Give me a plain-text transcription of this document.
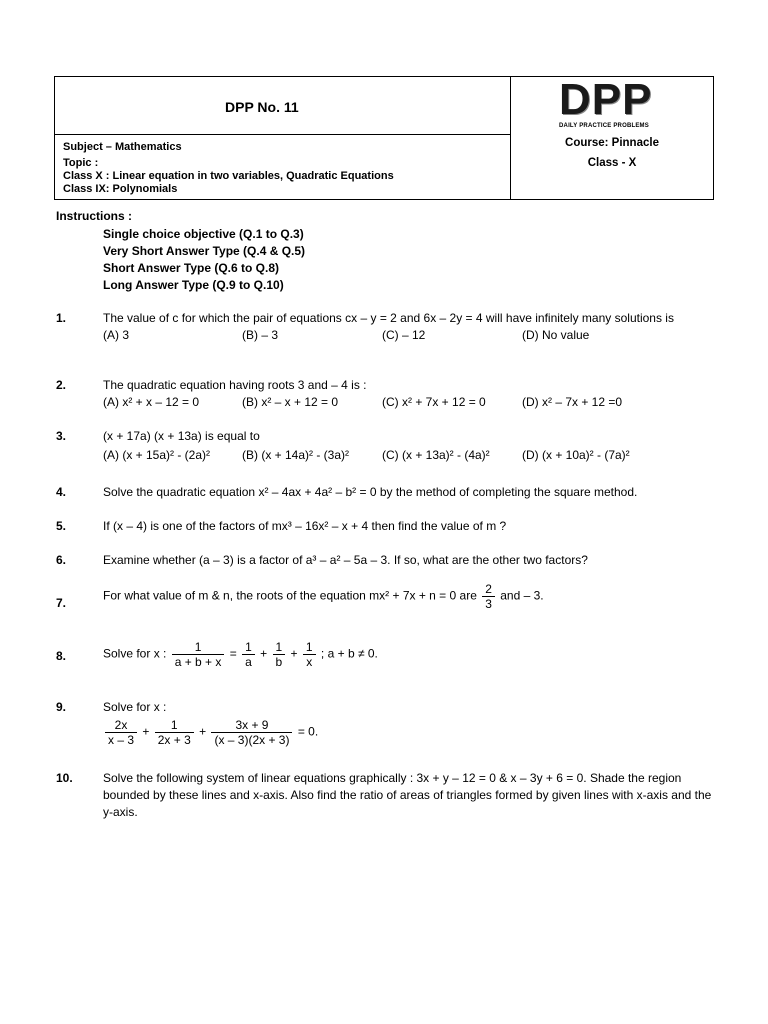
DPP No. 11
Subject – Mathematics
Topic :
Class X : Linear equation in two variables, Quadratic Equations
Class IX: Polynomials
DPP
DAILY PRACTICE PROBLEMS
Course: Pinnacle
Class - X
Instructions :
Single choice objective (Q.1 to Q.3)
Very Short Answer Type (Q.4 & Q.5)
Short Answer Type (Q.6 to Q.8)
Long Answer Type (Q.9 to Q.10)
1.	The value of c for which the pair of equations cx – y = 2 and 6x – 2y = 4 will have infinitely many solutions is
(A) 3	(B) – 3	(C) – 12	(D) No value
2.	The quadratic equation having roots 3 and – 4 is :
(A) x² + x – 12 = 0	(B) x² – x + 12 = 0	(C) x² + 7x + 12 = 0	(D) x² – 7x + 12 =0
3.	(x + 17a) (x + 13a) is equal to
(A) (x + 15a)² - (2a)²	(B) (x + 14a)² - (3a)²	(C) (x + 13a)² - (4a)²	(D) (x + 10a)² - (7a)²
4.	Solve the quadratic equation x² – 4ax + 4a² – b² = 0 by the method of completing the square method.
5.	If (x – 4) is one of the factors of mx³ – 16x² – x + 4 then find the value of m ?
6.	Examine whether (a – 3) is a factor of a³ – a² – 5a – 3. If so, what are the other two factors?
7.
For what value of m & n, the roots of the equation mx² + 7x + n = 0 are $\frac{2}{3}$ and – 3.
8.	Solve for x : $\frac{1}{a + b + x} = \frac{1}{a} + \frac{1}{b} + \frac{1}{x}$ ; a + b ≠ 0.
9.	Solve for x :
$\frac{2x}{x - 3} + \frac{1}{2x + 3} + \frac{3x + 9}{(x - 3)(2x + 3)} = 0$.
10.	Solve the following system of linear equations graphically : 3x + y – 12 = 0 & x – 3y + 6 = 0. Shade the region bounded by these lines and x-axis. Also find the ratio of areas of triangles formed by given lines with x-axis and the y-axis.
